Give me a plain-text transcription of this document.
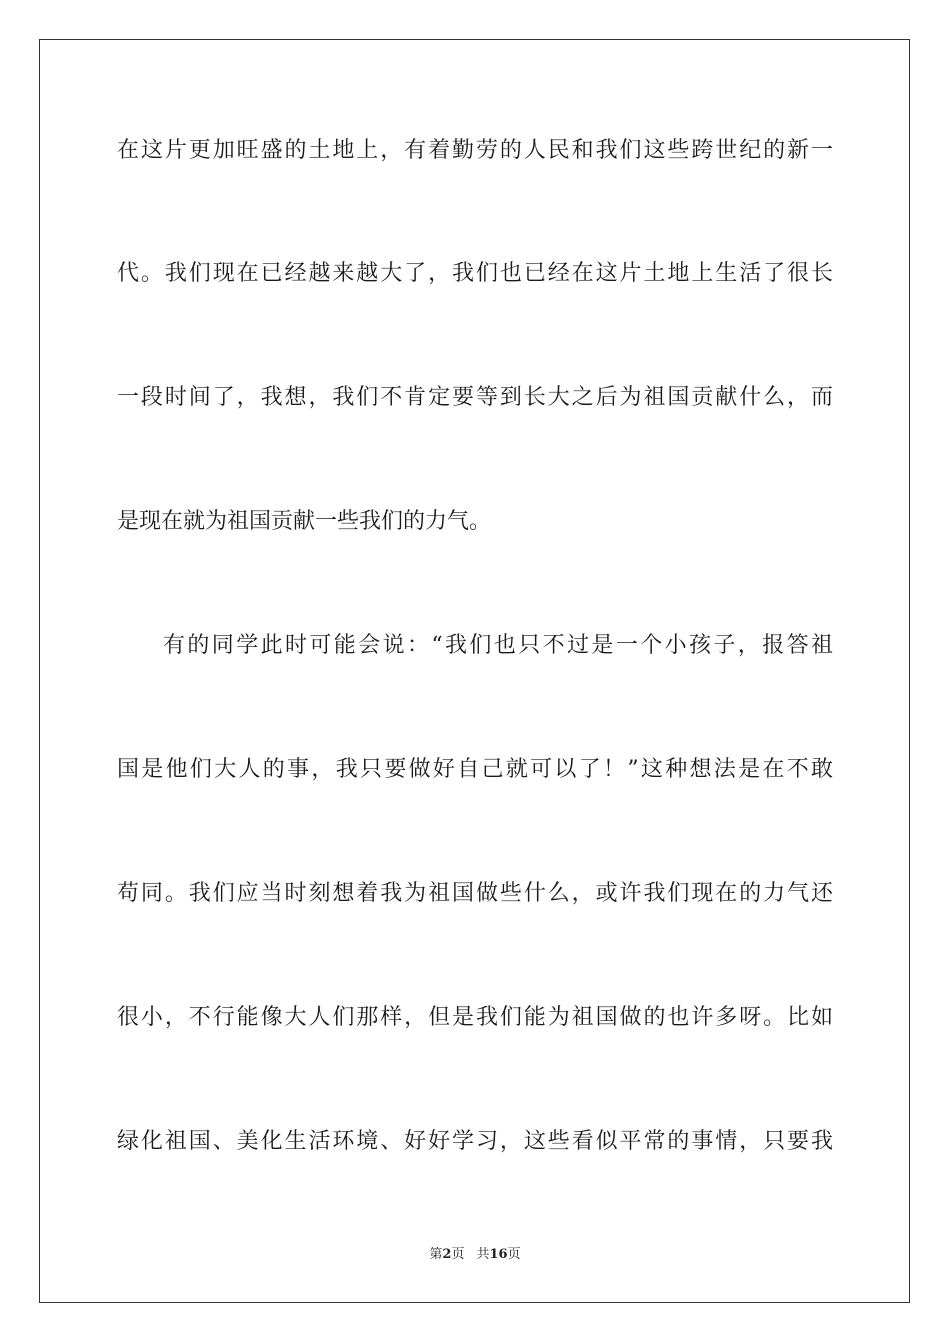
在这片更加旺盛的土地上，有着勤劳的人民和我们这些跨世纪的新一
代。我们现在已经越来越大了，我们也已经在这片土地上生活了很长
一段时间了，我想，我们不肯定要等到长大之后为祖国贡献什么，而
是现在就为祖国贡献一些我们的力气。
有的同学此时可能会说：“我们也只不过是一个小孩子，报答祖
国是他们大人的事，我只要做好自己就可以了！”这种想法是在不敢
苟同。我们应当时刻想着我为祖国做些什么，或许我们现在的力气还
很小，不行能像大人们那样，但是我们能为祖国做的也许多呀。比如
绿化祖国、美化生活环境、好好学习，这些看似平常的事情，只要我
第2页 共16页
